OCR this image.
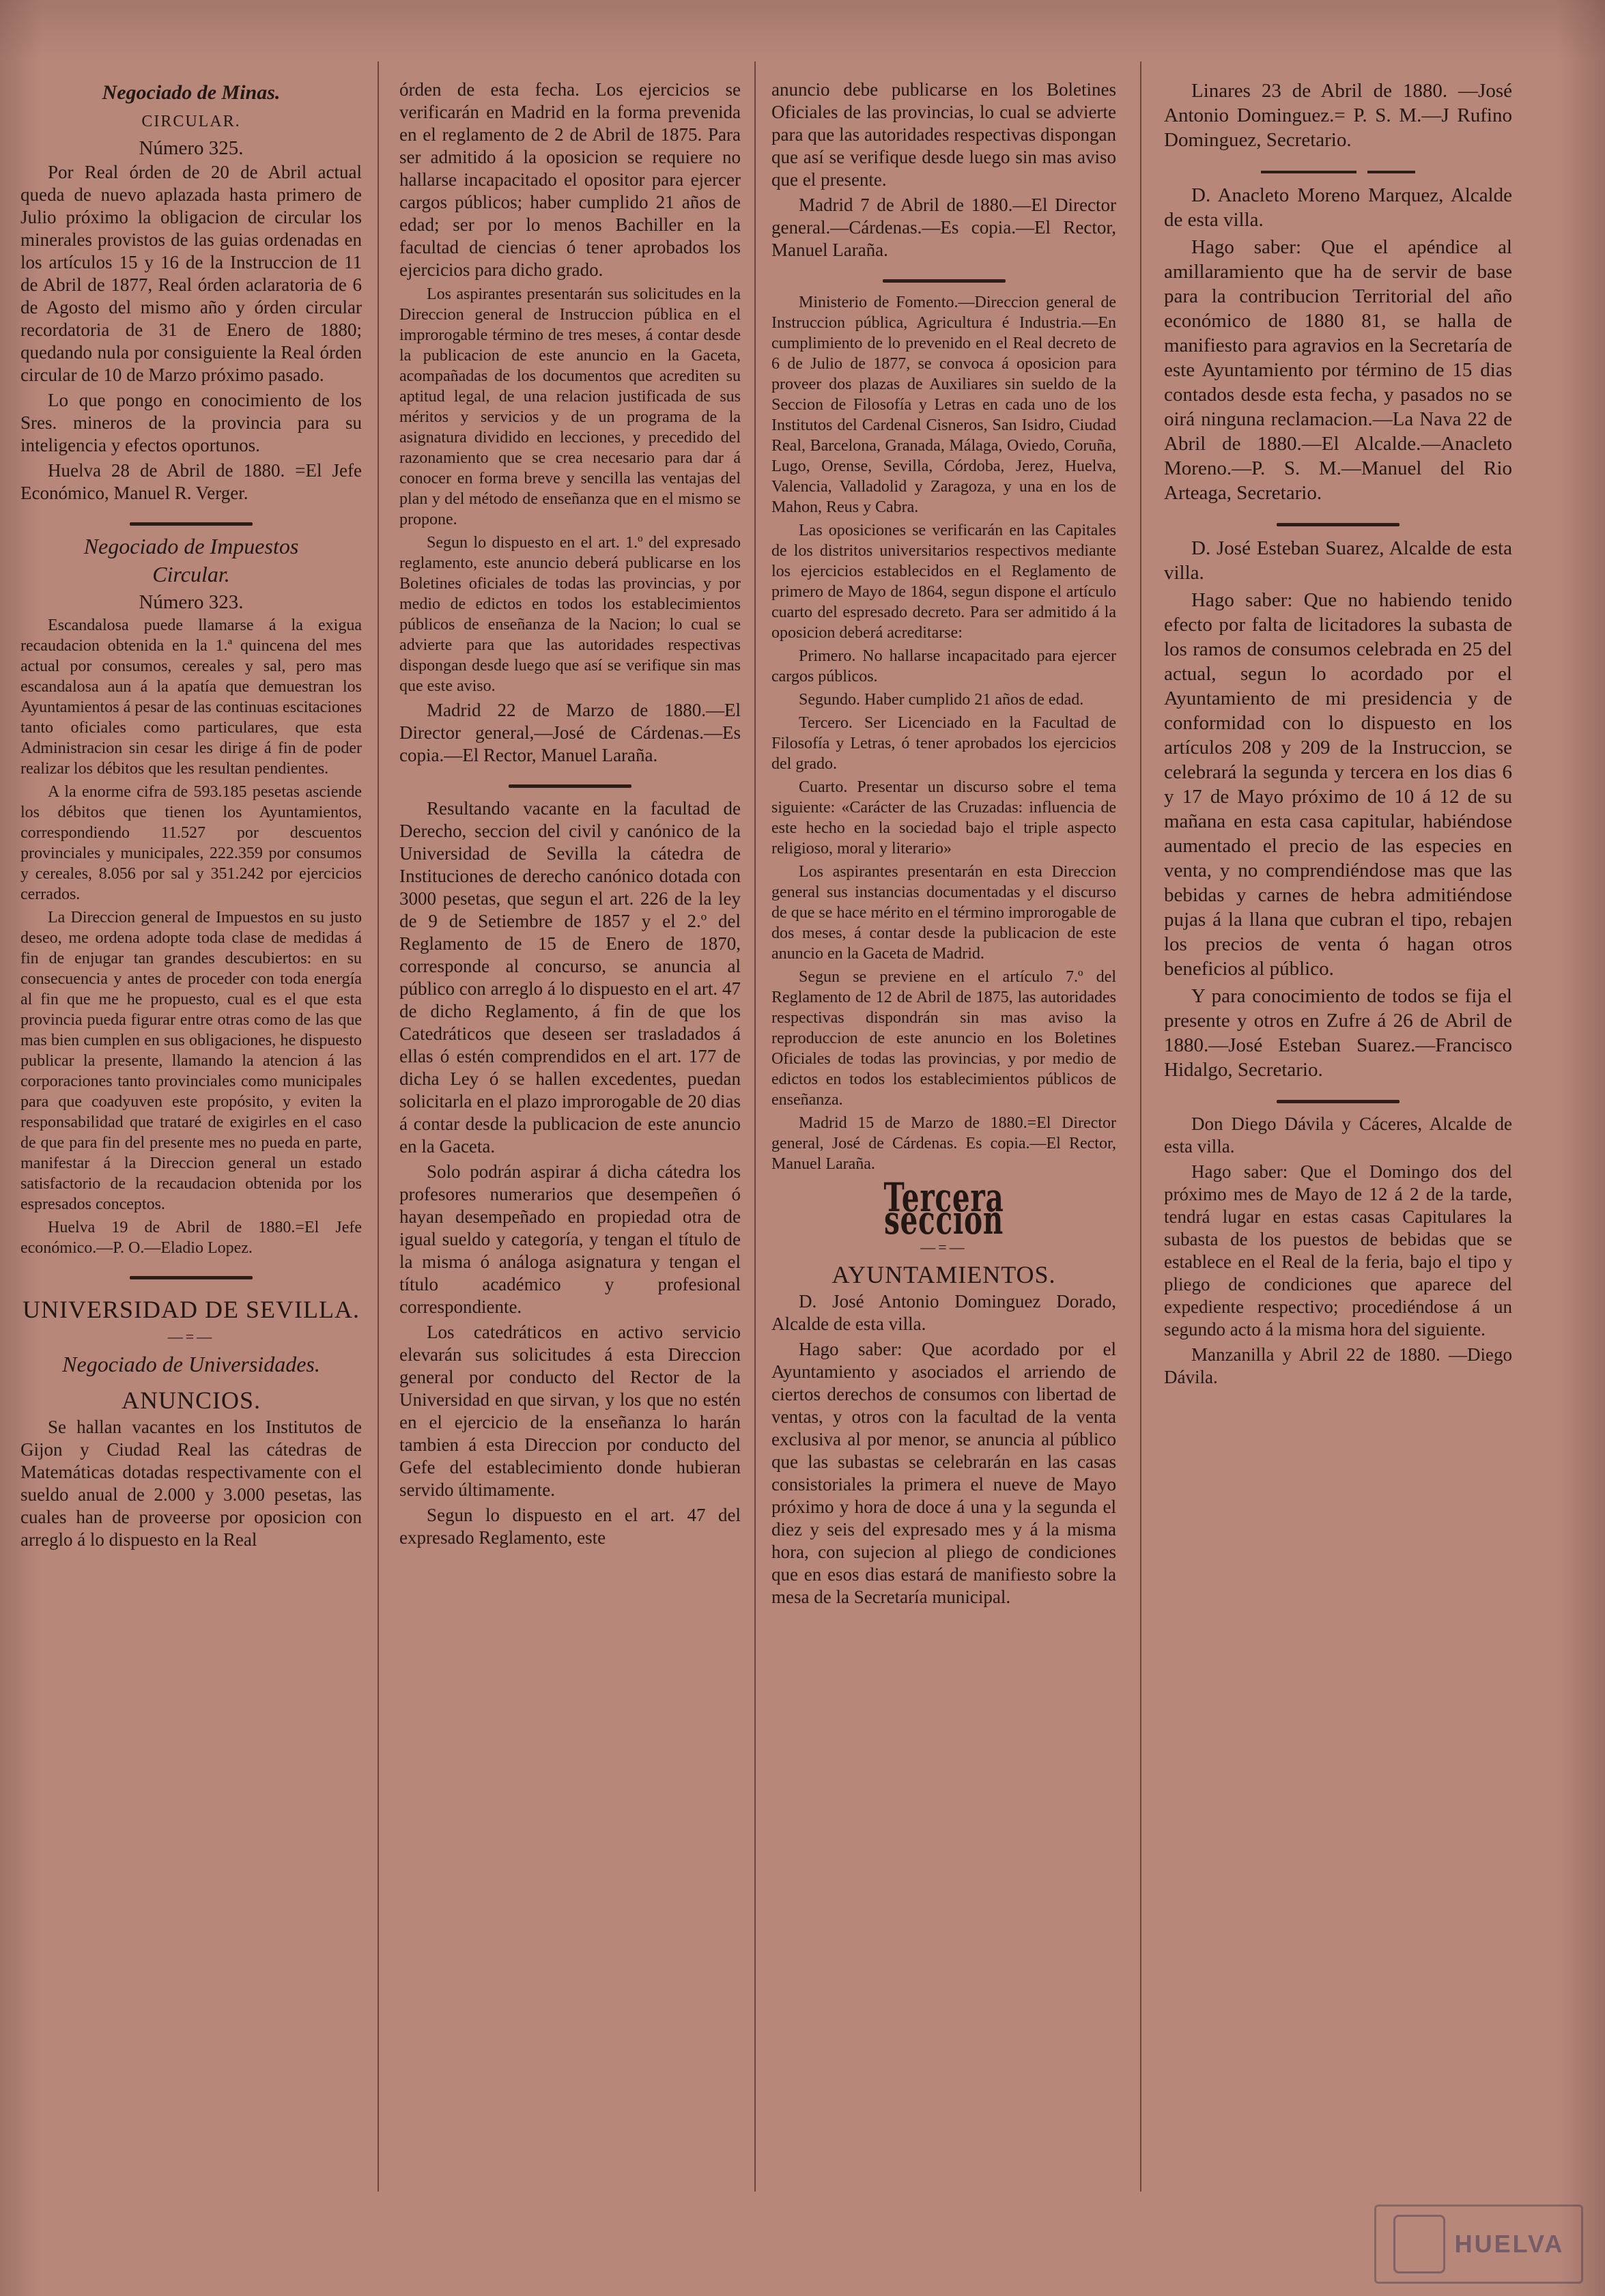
Negociado de Minas.
CIRCULAR.
Número 325.

Por Real órden de 20 de Abril actual queda de nuevo aplazada hasta primero de Julio próximo la obligacion de circular los minerales provistos de las guias ordenadas en los artículos 15 y 16 de la Instruccion de 11 de Abril de 1877, Real órden aclaratoria de 6 de Agosto del mismo año y órden circular recordatoria de 31 de Enero de 1880; quedando nula por consiguiente la Real órden circular de 10 de Marzo próximo pasado.

Lo que pongo en conocimiento de los Sres. mineros de la provincia para su inteligencia y efectos oportunos.

Huelva 28 de Abril de 1880. =El Jefe Económico, Manuel R. Verger.

Negociado de Impuestos
Circular.
Número 323.

Escandalosa puede llamarse á la exigua recaudacion obtenida en la 1.ª quincena del mes actual por consumos, cereales y sal, pero mas escandalosa aun á la apatía que demuestran los Ayuntamientos á pesar de las continuas escitaciones tanto oficiales como particulares, que esta Administracion sin cesar les dirige á fin de poder realizar los débitos que les resultan pendientes.

A la enorme cifra de 593.185 pesetas asciende los débitos que tienen los Ayuntamientos, correspondiendo 11.527 por descuentos provinciales y municipales, 222.359 por consumos y cereales, 8.056 por sal y 351.242 por ejercicios cerrados.

La Direccion general de Impuestos en su justo deseo, me ordena adopte toda clase de medidas á fin de enjugar tan grandes descubiertos: en su consecuencia y antes de proceder con toda energía al fin que me he propuesto, cual es el que esta provincia pueda figurar entre otras como de las que mas bien cumplen en sus obligaciones, he dispuesto publicar la presente, llamando la atencion á las corporaciones tanto provinciales como municipales para que coadyuven este propósito, y eviten la responsabilidad que trataré de exigirles en el caso de que para fin del presente mes no pueda en parte, manifestar á la Direccion general un estado satisfactorio de la recaudacion obtenida por los espresados conceptos.

Huelva 19 de Abril de 1880.=El Jefe económico.—P. O.—Eladio Lopez.

UNIVERSIDAD DE SEVILLA.
—=—
Negociado de Universidades.
ANUNCIOS.

Se hallan vacantes en los Institutos de Gijon y Ciudad Real las cátedras de Matemáticas dotadas respectivamente con el sueldo anual de 2.000 y 3.000 pesetas, las cuales han de proveerse por oposicion con arreglo á lo dispuesto en la Real

órden de esta fecha. Los ejercicios se verificarán en Madrid en la forma prevenida en el reglamento de 2 de Abril de 1875. Para ser admitido á la oposicion se requiere no hallarse incapacitado el opositor para ejercer cargos públicos; haber cumplido 21 años de edad; ser por lo menos Bachiller en la facultad de ciencias ó tener aprobados los ejercicios para dicho grado.

Los aspirantes presentarán sus solicitudes en la Direccion general de Instruccion pública en el improrogable término de tres meses, á contar desde la publicacion de este anuncio en la Gaceta, acompañadas de los documentos que acrediten su aptitud legal, de una relacion justificada de sus méritos y servicios y de un programa de la asignatura dividido en lecciones, y precedido del razonamiento que se crea necesario para dar á conocer en forma breve y sencilla las ventajas del plan y del método de enseñanza que en el mismo se propone.

Segun lo dispuesto en el art. 1.º del expresado reglamento, este anuncio deberá publicarse en los Boletines oficiales de todas las provincias, y por medio de edictos en todos los establecimientos públicos de enseñanza de la Nacion; lo cual se advierte para que las autoridades respectivas dispongan desde luego que así se verifique sin mas que este aviso.

Madrid 22 de Marzo de 1880.—El Director general,—José de Cárdenas.—Es copia.—El Rector, Manuel Laraña.

Resultando vacante en la facultad de Derecho, seccion del civil y canónico de la Universidad de Sevilla la cátedra de Instituciones de derecho canónico dotada con 3000 pesetas, que segun el art. 226 de la ley de 9 de Setiembre de 1857 y el 2.º del Reglamento de 15 de Enero de 1870, corresponde al concurso, se anuncia al público con arreglo á lo dispuesto en el art. 47 de dicho Reglamento, á fin de que los Catedráticos que deseen ser trasladados á ellas ó estén comprendidos en el art. 177 de dicha Ley ó se hallen excedentes, puedan solicitarla en el plazo improrogable de 20 dias á contar desde la publicacion de este anuncio en la Gaceta.

Solo podrán aspirar á dicha cátedra los profesores numerarios que desempeñen ó hayan desempeñado en propiedad otra de igual sueldo y categoría, y tengan el título de la misma ó análoga asignatura y tengan el título académico y profesional correspondiente.

Los catedráticos en activo servicio elevarán sus solicitudes á esta Direccion general por conducto del Rector de la Universidad en que sirvan, y los que no estén en el ejercicio de la enseñanza lo harán tambien á esta Direccion por conducto del Gefe del establecimiento donde hubieran servido últimamente.

Segun lo dispuesto en el art. 47 del expresado Reglamento, este

anuncio debe publicarse en los Boletines Oficiales de las provincias, lo cual se advierte para que las autoridades respectivas dispongan que así se verifique desde luego sin mas aviso que el presente.

Madrid 7 de Abril de 1880.—El Director general.—Cárdenas.—Es copia.—El Rector, Manuel Laraña.

Ministerio de Fomento.—Direccion general de Instruccion pública, Agricultura é Industria.—En cumplimiento de lo prevenido en el Real decreto de 6 de Julio de 1877, se convoca á oposicion para proveer dos plazas de Auxiliares sin sueldo de la Seccion de Filosofía y Letras en cada uno de los Institutos del Cardenal Cisneros, San Isidro, Ciudad Real, Barcelona, Granada, Málaga, Oviedo, Coruña, Lugo, Orense, Sevilla, Córdoba, Jerez, Huelva, Valencia, Valladolid y Zaragoza, y una en los de Mahon, Reus y Cabra.

Las oposiciones se verificarán en las Capitales de los distritos universitarios respectivos mediante los ejercicios establecidos en el Reglamento de primero de Mayo de 1864, segun dispone el artículo cuarto del espresado decreto. Para ser admitido á la oposicion deberá acreditarse:

Primero. No hallarse incapacitado para ejercer cargos públicos.

Segundo. Haber cumplido 21 años de edad.

Tercero. Ser Licenciado en la Facultad de Filosofía y Letras, ó tener aprobados los ejercicios del grado.

Cuarto. Presentar un discurso sobre el tema siguiente: «Carácter de las Cruzadas: influencia de este hecho en la sociedad bajo el triple aspecto religioso, moral y literario»

Los aspirantes presentarán en esta Direccion general sus instancias documentadas y el discurso de que se hace mérito en el término improrogable de dos meses, á contar desde la publicacion de este anuncio en la Gaceta de Madrid.

Segun se previene en el artículo 7.º del Reglamento de 12 de Abril de 1875, las autoridades respectivas dispondrán sin mas aviso la reproduccion de este anuncio en los Boletines Oficiales de todas las provincias, y por medio de edictos en todos los establecimientos públicos de enseñanza.

Madrid 15 de Marzo de 1880.=El Director general, José de Cárdenas. Es copia.—El Rector, Manuel Laraña.

Tercera seccion
—=—
AYUNTAMIENTOS.

D. José Antonio Dominguez Dorado, Alcalde de esta villa.

Hago saber: Que acordado por el Ayuntamiento y asociados el arriendo de ciertos derechos de consumos con libertad de ventas, y otros con la facultad de la venta exclusiva al por menor, se anuncia al público que las subastas se celebrarán en las casas consistoriales la primera el nueve de Mayo próximo y hora de doce á una y la segunda el diez y seis del expresado mes y á la misma hora, con sujecion al pliego de condiciones que en esos dias estará de manifiesto sobre la mesa de la Secretaría municipal.

Linares 23 de Abril de 1880. —José Antonio Dominguez.= P. S. M.—J Rufino Dominguez, Secretario.

D. Anacleto Moreno Marquez, Alcalde de esta villa.

Hago saber: Que el apéndice al amillaramiento que ha de servir de base para la contribucion Territorial del año económico de 1880 81, se halla de manifiesto para agravios en la Secretaría de este Ayuntamiento por término de 15 dias contados desde esta fecha, y pasados no se oirá ninguna reclamacion.—La Nava 22 de Abril de 1880.—El Alcalde.—Anacleto Moreno.—P. S. M.—Manuel del Rio Arteaga, Secretario.

D. José Esteban Suarez, Alcalde de esta villa.

Hago saber: Que no habiendo tenido efecto por falta de licitadores la subasta de los ramos de consumos celebrada en 25 del actual, segun lo acordado por el Ayuntamiento de mi presidencia y de conformidad con lo dispuesto en los artículos 208 y 209 de la Instruccion, se celebrará la segunda y tercera en los dias 6 y 17 de Mayo próximo de 10 á 12 de su mañana en esta casa capitular, habiéndose aumentado el precio de las especies en venta, y no comprendiéndose mas que las bebidas y carnes de hebra admitiéndose pujas á la llana que cubran el tipo, rebajen los precios de venta ó hagan otros beneficios al público.

Y para conocimiento de todos se fija el presente y otros en Zufre á 26 de Abril de 1880.—José Esteban Suarez.—Francisco Hidalgo, Secretario.

Don Diego Dávila y Cáceres, Alcalde de esta villa.

Hago saber: Que el Domingo dos del próximo mes de Mayo de 12 á 2 de la tarde, tendrá lugar en estas casas Capitulares la subasta de los puestos de bebidas que se establece en el Real de la feria, bajo el tipo y pliego de condiciones que aparece del expediente respectivo; procediéndose á un segundo acto á la misma hora del siguiente.

Manzanilla y Abril 22 de 1880. —Diego Dávila.

HUELVA
